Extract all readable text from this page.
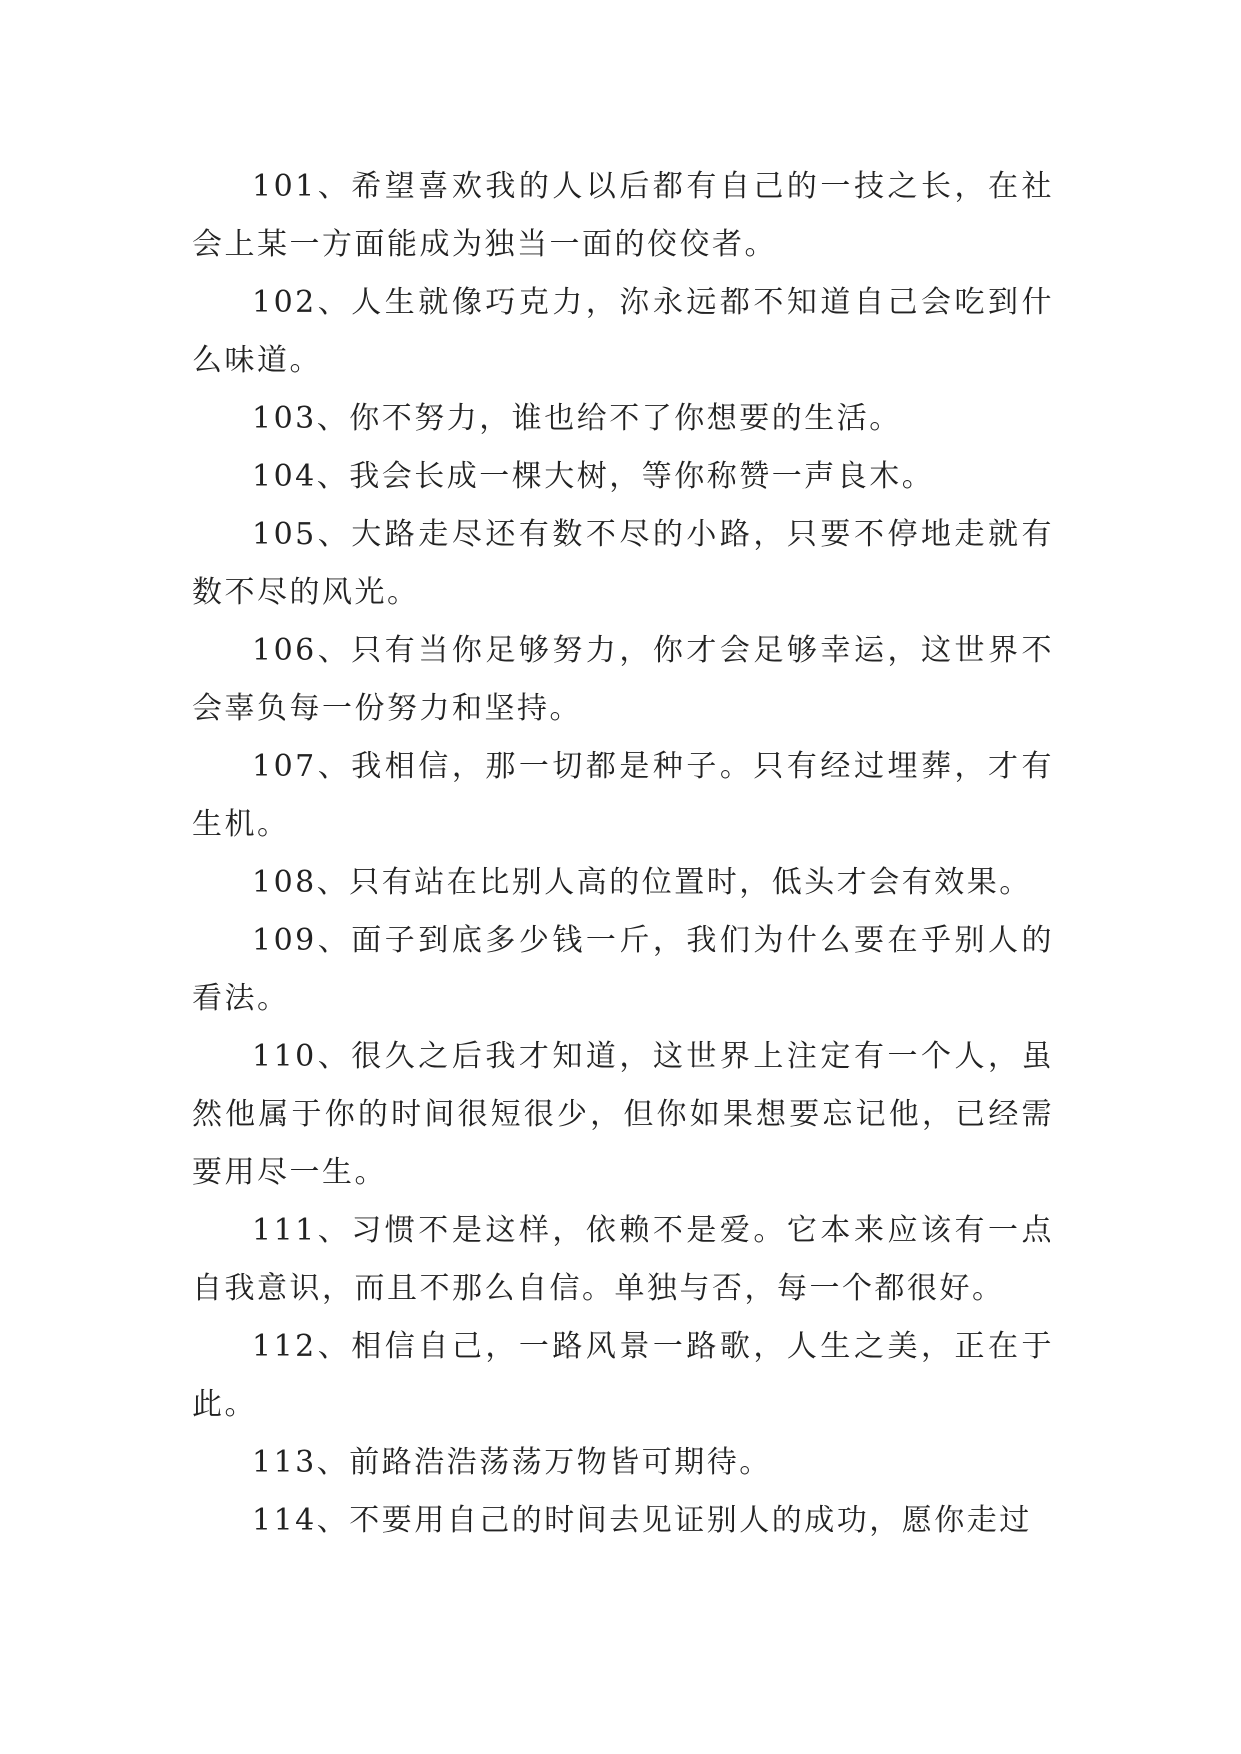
101、希望喜欢我的人以后都有自己的一技之长，在社会上某一方面能成为独当一面的佼佼者。

102、人生就像巧克力，沵永远都不知道自己会吃到什么味道。

103、你不努力，谁也给不了你想要的生活。

104、我会长成一棵大树，等你称赞一声良木。

105、大路走尽还有数不尽的小路，只要不停地走就有数不尽的风光。

106、只有当你足够努力，你才会足够幸运，这世界不会辜负每一份努力和坚持。

107、我相信，那一切都是种子。只有经过埋葬，才有生机。

108、只有站在比别人高的位置时，低头才会有效果。

109、面子到底多少钱一斤，我们为什么要在乎别人的看法。

110、很久之后我才知道，这世界上注定有一个人，虽然他属于你的时间很短很少，但你如果想要忘记他，已经需要用尽一生。

111、习惯不是这样，依赖不是爱。它本来应该有一点自我意识，而且不那么自信。单独与否，每一个都很好。

112、相信自己，一路风景一路歌，人生之美，正在于此。

113、前路浩浩荡荡万物皆可期待。

114、不要用自己的时间去见证别人的成功，愿你走过
